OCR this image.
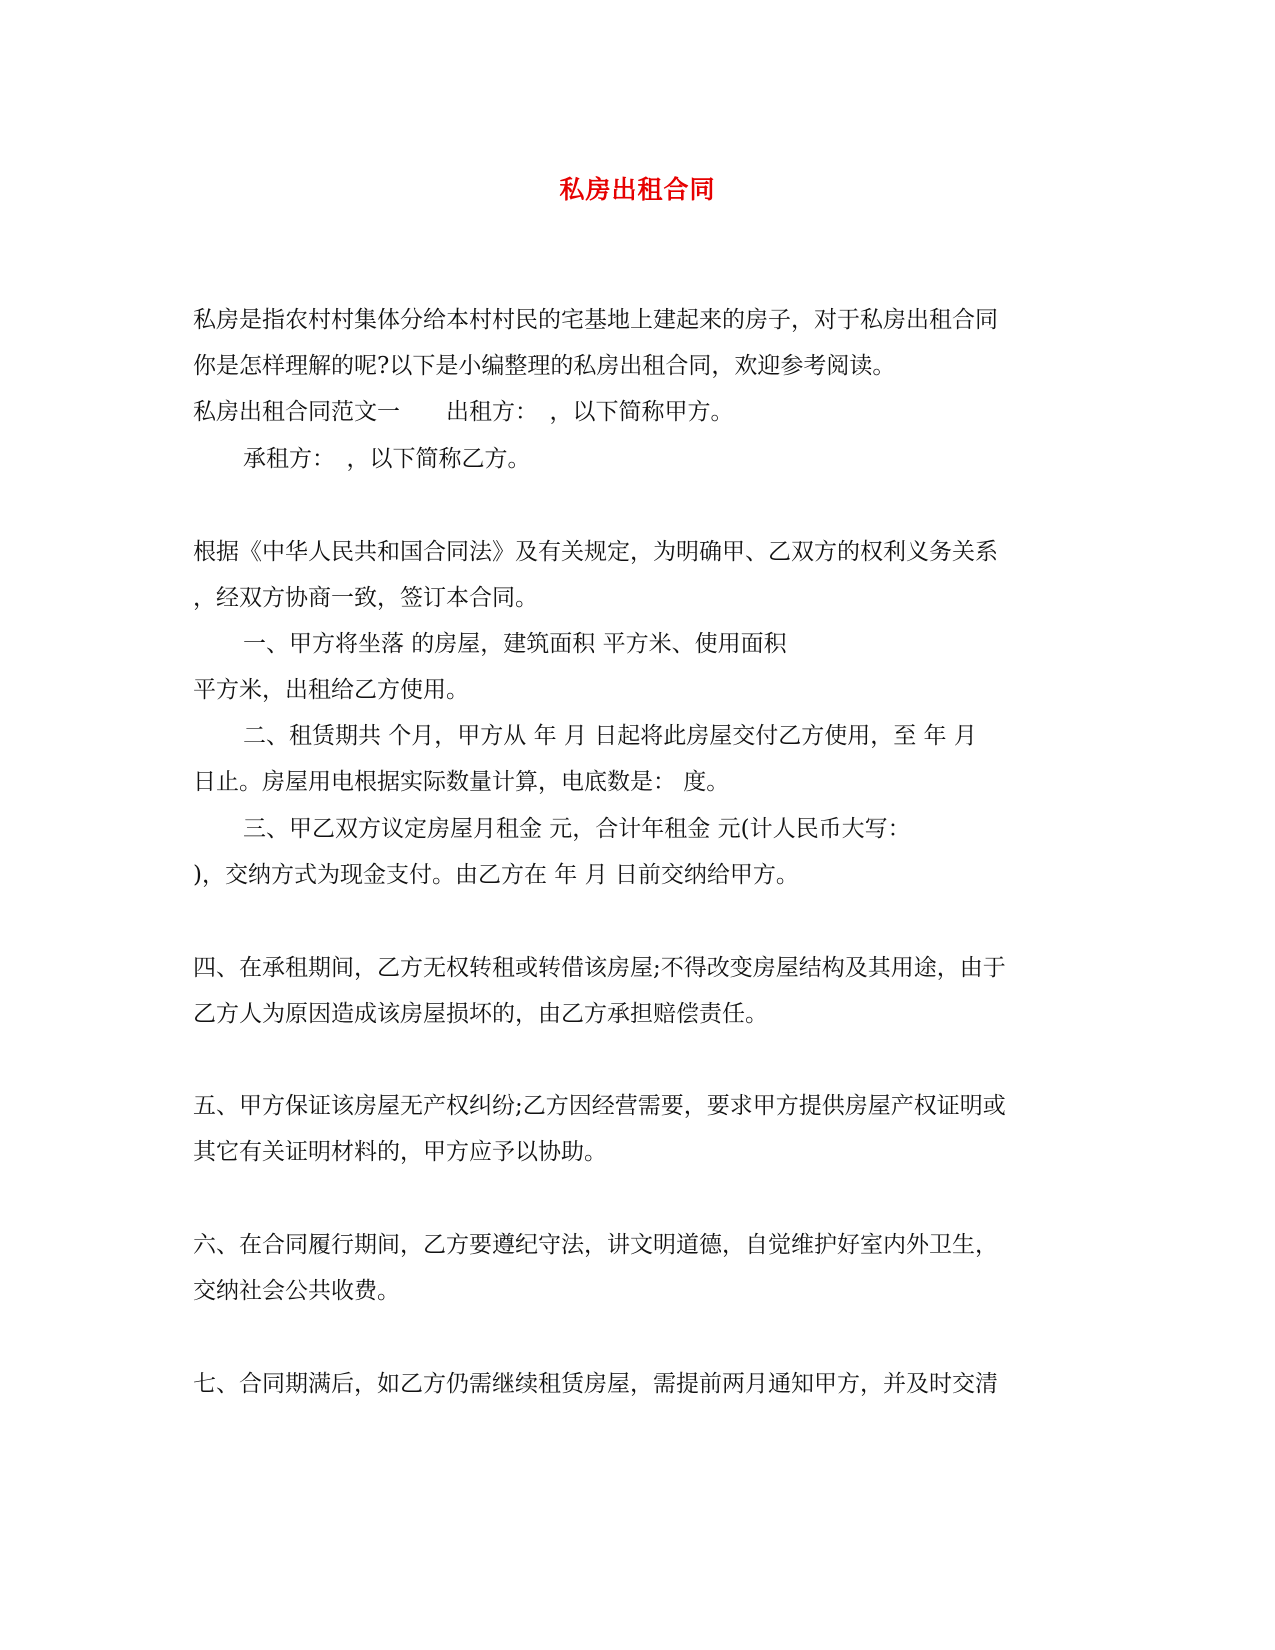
私房出租合同
私房是指农村村集体分给本村村民的宅基地上建起来的房子，对于私房出租合同
你是怎样理解的呢?以下是小编整理的私房出租合同，欢迎参考阅读。
私房出租合同范文一　　出租方：　，以下简称甲方。
承租方：　，以下简称乙方。
根据《中华人民共和国合同法》及有关规定，为明确甲、乙双方的权利义务关系
，经双方协商一致，签订本合同。
一、甲方将坐落 的房屋，建筑面积 平方米、使用面积
平方米，出租给乙方使用。
二、租赁期共 个月，甲方从 年 月 日起将此房屋交付乙方使用，至 年 月
日止。房屋用电根据实际数量计算，电底数是： 度。
三、甲乙双方议定房屋月租金 元，合计年租金 元(计人民币大写：
)，交纳方式为现金支付。由乙方在 年 月 日前交纳给甲方。
四、在承租期间，乙方无权转租或转借该房屋;不得改变房屋结构及其用途，由于
乙方人为原因造成该房屋损坏的，由乙方承担赔偿责任。
五、甲方保证该房屋无产权纠纷;乙方因经营需要，要求甲方提供房屋产权证明或
其它有关证明材料的，甲方应予以协助。
六、在合同履行期间，乙方要遵纪守法，讲文明道德，自觉维护好室内外卫生，
交纳社会公共收费。
七、合同期满后，如乙方仍需继续租赁房屋，需提前两月通知甲方，并及时交清
